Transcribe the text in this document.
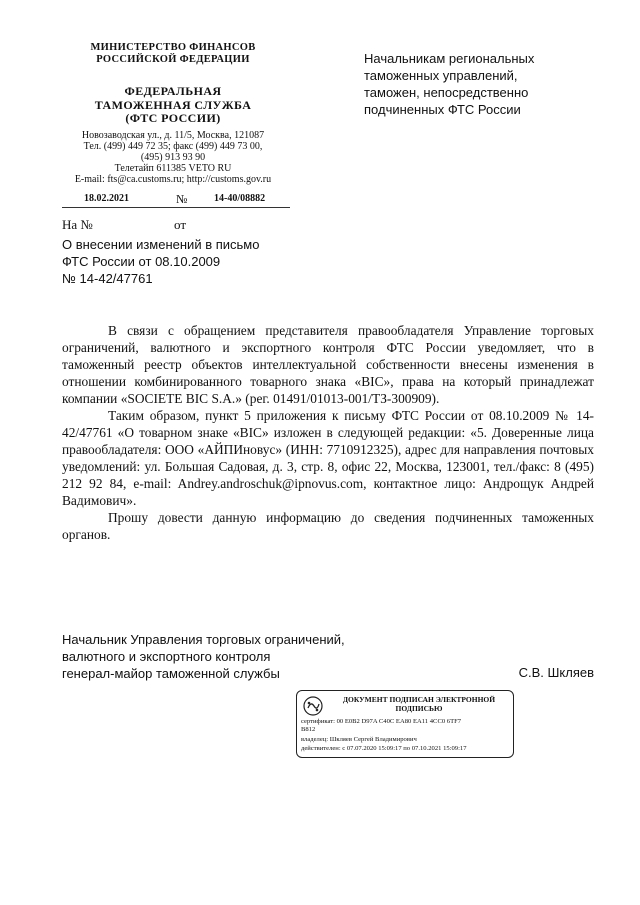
МИНИСТЕРСТВО ФИНАНСОВ
РОССИЙСКОЙ ФЕДЕРАЦИИ
ФЕДЕРАЛЬНАЯ
ТАМОЖЕННАЯ СЛУЖБА
(ФТС РОССИИ)
Новозаводская ул., д. 11/5, Москва, 121087
Тел. (499) 449 72 35; факс (499) 449 73 00,
(495) 913 93 90
Телетайп 611385 VETO RU
E-mail: fts@ca.customs.ru; http://customs.gov.ru
Начальникам региональных
таможенных управлений,
таможен, непосредственно
подчиненных ФТС России
18.02.2021	№	14-40/08882
На №	от
О внесении изменений в письмо
ФТС России от 08.10.2009
№ 14-42/47761

В связи с обращением представителя правообладателя Управление торговых ограничений, валютного и экспортного контроля ФТС России уведомляет, что в таможенный реестр объектов интеллектуальной собственности внесены изменения в отношении комбинированного товарного знака «BIC», права на который принадлежат компании «SOCIETE BIC S.A.» (рег. 01491/01013-001/ТЗ-300909).

Таким образом, пункт 5 приложения к письму ФТС России от 08.10.2009 № 14-42/47761 «О товарном знаке «BIC» изложен в следующей редакции: «5. Доверенные лица правообладателя: ООО «АЙПИновус» (ИНН: 7710912325), адрес для направления почтовых уведомлений: ул. Большая Садовая, д. 3, стр. 8, офис 22, Москва, 123001, тел./факс: 8 (495) 212 92 84, e-mail: Andrey.androschuk@ipnovus.com, контактное лицо: Андрощук Андрей Вадимович».

Прошу довести данную информацию до сведения подчиненных таможенных органов.

Начальник Управления торговых ограничений,
валютного и экспортного контроля
генерал-майор таможенной службы	С.В. Шкляев
ДОКУМЕНТ ПОДПИСАН ЭЛЕКТРОННОЙ
ПОДПИСЬЮ
сертификат: 00 E0B2 D97A C40C EA80 EA11 4CC0 6TF7
B812
владелец: Шкляев Сергей Владимирович
действителен: с 07.07.2020 15:09:17 по 07.10.2021 15:09:17
